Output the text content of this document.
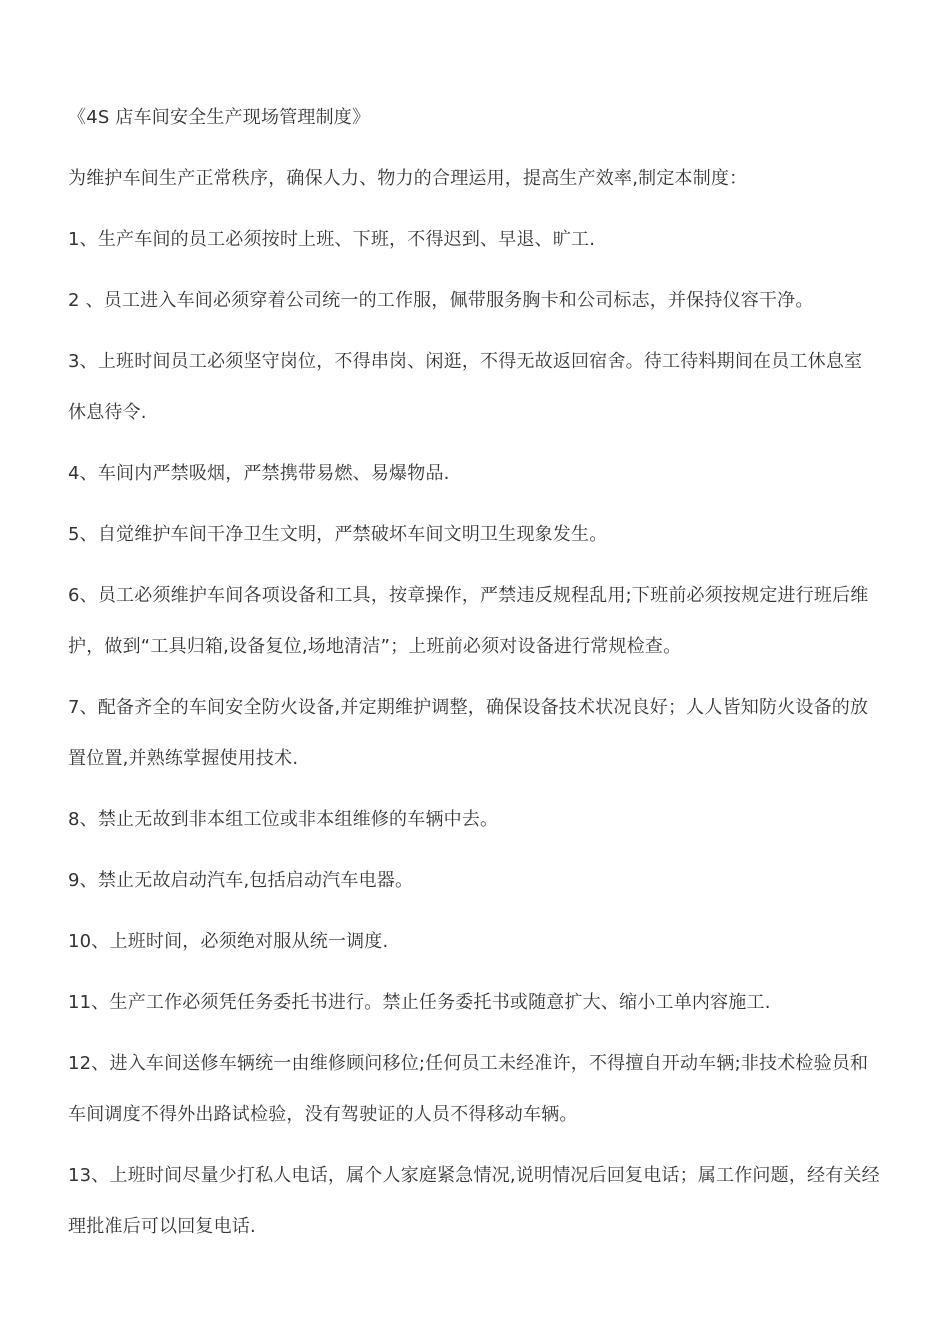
《4S 店车间安全生产现场管理制度》

为维护车间生产正常秩序，确保人力、物力的合理运用，提高生产效率,制定本制度：

1、生产车间的员工必须按时上班、下班，不得迟到、早退、旷工.

2 、员工进入车间必须穿着公司统一的工作服，佩带服务胸卡和公司标志，并保持仪容干净。

3、上班时间员工必须坚守岗位，不得串岗、闲逛，不得无故返回宿舍。待工待料期间在员工休息室休息待令.

4、车间内严禁吸烟，严禁携带易燃、易爆物品.

5、自觉维护车间干净卫生文明，严禁破坏车间文明卫生现象发生。

6、员工必须维护车间各项设备和工具，按章操作，严禁违反规程乱用;下班前必须按规定进行班后维护，做到“工具归箱,设备复位,场地清洁”；上班前必须对设备进行常规检查。

7、配备齐全的车间安全防火设备,并定期维护调整，确保设备技术状况良好；人人皆知防火设备的放置位置,并熟练掌握使用技术.

8、禁止无故到非本组工位或非本组维修的车辆中去。

9、禁止无故启动汽车,包括启动汽车电器。

10、上班时间，必须绝对服从统一调度.

11、生产工作必须凭任务委托书进行。禁止任务委托书或随意扩大、缩小工单内容施工.

12、进入车间送修车辆统一由维修顾问移位;任何员工未经准许，不得擅自开动车辆;非技术检验员和车间调度不得外出路试检验，没有驾驶证的人员不得移动车辆。

13、上班时间尽量少打私人电话，属个人家庭紧急情况,说明情况后回复电话；属工作问题，经有关经理批准后可以回复电话.
